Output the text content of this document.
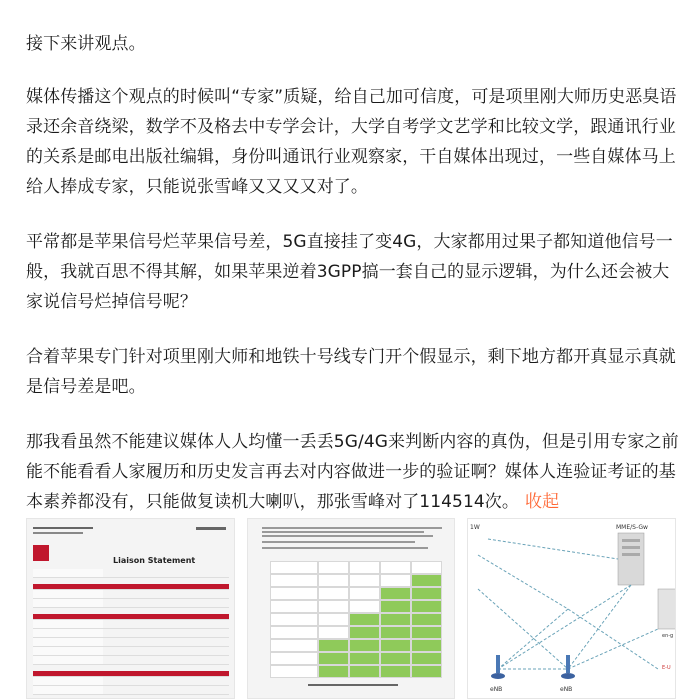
接下来讲观点。

媒体传播这个观点的时候叫“专家”质疑，给自己加可信度，可是项里刚大师历史恶臭语录还余音绕梁，数学不及格去中专学会计，大学自考学文艺学和比较文学，跟通讯行业的关系是邮电出版社编辑，身份叫通讯行业观察家，干自媒体出现过，一些自媒体马上给人捧成专家，只能说张雪峰又又又又对了。

平常都是苹果信号烂苹果信号差，5G直接挂了变4G，大家都用过果子都知道他信号一般，我就百思不得其解，如果苹果逆着3GPP搞一套自己的显示逻辑，为什么还会被大家说信号烂掉信号呢？

合着苹果专门针对项里刚大师和地铁十号线专门开个假显示，剩下地方都开真显示真就是信号差是吧。

那我看虽然不能建议媒体人人均懂一丢丢5G/4G来判断内容的真伪，但是引用专家之前能不能看看人家履历和历史发言再去对内容做进一步的验证啊？媒体人连验证考证的基本素养都没有，只能做复读机大喇叭，那张雪峰对了114514次。 收起

Liaison Statement
1W	MME/S-Gw
eNB	eNB
en-g
E-U
